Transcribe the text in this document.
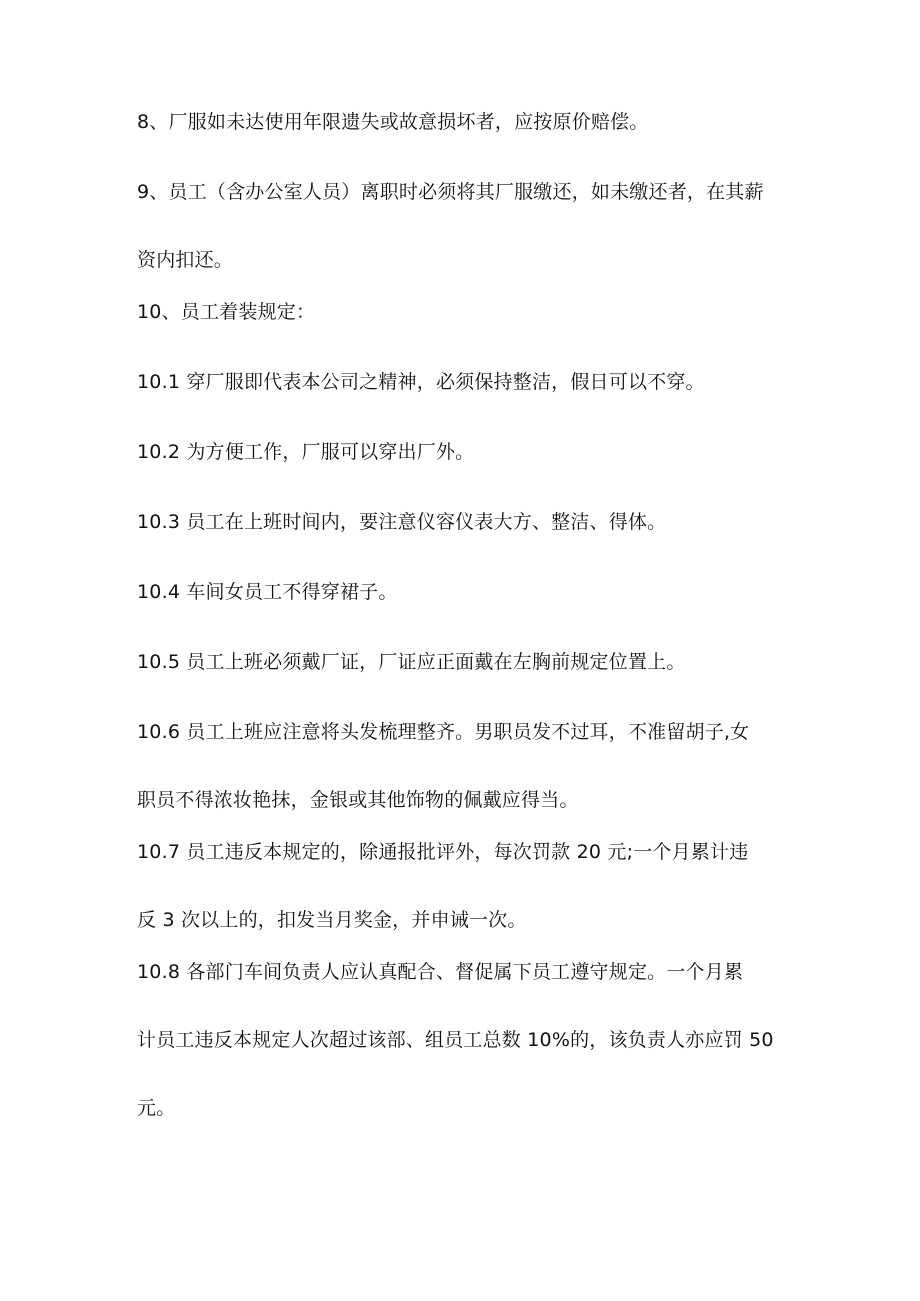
8、厂服如未达使用年限遗失或故意损坏者，应按原价赔偿。
9、员工（含办公室人员）离职时必须将其厂服缴还，如未缴还者，在其薪
资内扣还。
10、员工着装规定：
10.1 穿厂服即代表本公司之精神，必须保持整洁，假日可以不穿。
10.2 为方便工作，厂服可以穿出厂外。
10.3 员工在上班时间内，要注意仪容仪表大方、整洁、得体。
10.4 车间女员工不得穿裙子。
10.5 员工上班必须戴厂证，厂证应正面戴在左胸前规定位置上。
10.6 员工上班应注意将头发梳理整齐。男职员发不过耳，不准留胡子,女
职员不得浓妆艳抹，金银或其他饰物的佩戴应得当。
10.7 员工违反本规定的，除通报批评外，每次罚款 20 元;一个月累计违
反 3 次以上的，扣发当月奖金，并申诫一次。
10.8 各部门车间负责人应认真配合、督促属下员工遵守规定。一个月累
计员工违反本规定人次超过该部、组员工总数 10%的，该负责人亦应罚 50
元。
